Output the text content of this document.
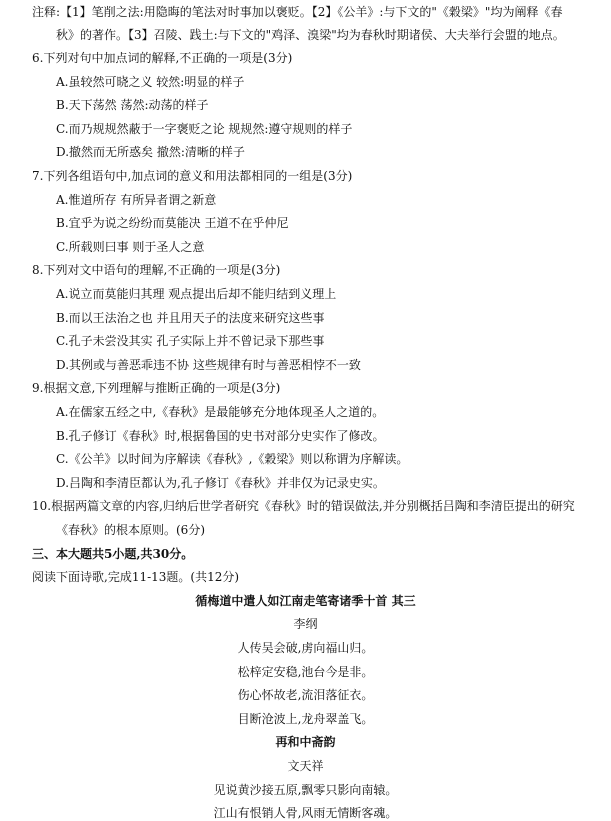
注释:【1】笔削之法:用隐晦的笔法对时事加以褒贬。【2】《公羊》:与下文的"《穀梁》"均为阐释《春
秋》的著作。【3】召陵、践土:与下文的"鸡泽、溴梁"均为春秋时期诸侯、大夫举行会盟的地点。
6.下列对句中加点词的解释,不正确的一项是(3分)
A.虽较然可晓之义 较然:明显的样子
B.天下荡然 荡然:动荡的样子
C.而乃规规然蔽于一字褒贬之论 规规然:遵守规则的样子
D.撤然而无所惑矣 撤然:清晰的样子
7.下列各组语句中,加点词的意义和用法都相同的一组是(3分)
A.惟道所存 有所异者谓之新意
B.宜乎为说之纷纷而莫能决 王道不在乎仲尼
C.所载则曰事 则于圣人之意
8.下列对文中语句的理解,不正确的一项是(3分)
A.说立而莫能归其理 观点提出后却不能归结到义理上
B.而以王法治之也 并且用天子的法度来研究这些事
C.孔子未尝没其实 孔子实际上并不曾记录下那些事
D.其例或与善恶乖违不协 这些规律有时与善恶相悖不一致
9.根据文意,下列理解与推断正确的一项是(3分)
A.在儒家五经之中,《春秋》是最能够充分地体现圣人之道的。
B.孔子修订《春秋》时,根据鲁国的史书对部分史实作了修改。
C.《公羊》以时间为序解读《春秋》,《穀梁》则以称谓为序解读。
D.吕陶和李清臣都认为,孔子修订《春秋》并非仅为记录史实。
10.根据两篇文章的内容,归纳后世学者研究《春秋》时的错误做法,并分别概括吕陶和李清臣提出的研究
《春秋》的根本原则。(6分)
三、本大题共5小题,共30分。
阅读下面诗歌,完成11-13题。(共12分)
循梅道中遣人如江南走笔寄诸季十首 其三
李纲
人传吴会破,虏向福山归。
松梓定安稳,池台今是非。
伤心怀故老,流泪落征衣。
目断沧波上,龙舟翠盖飞。
再和中斋韵
文天祥
见说黄沙接五原,飘零只影向南辕。
江山有恨销人骨,风雨无情断客魂。
